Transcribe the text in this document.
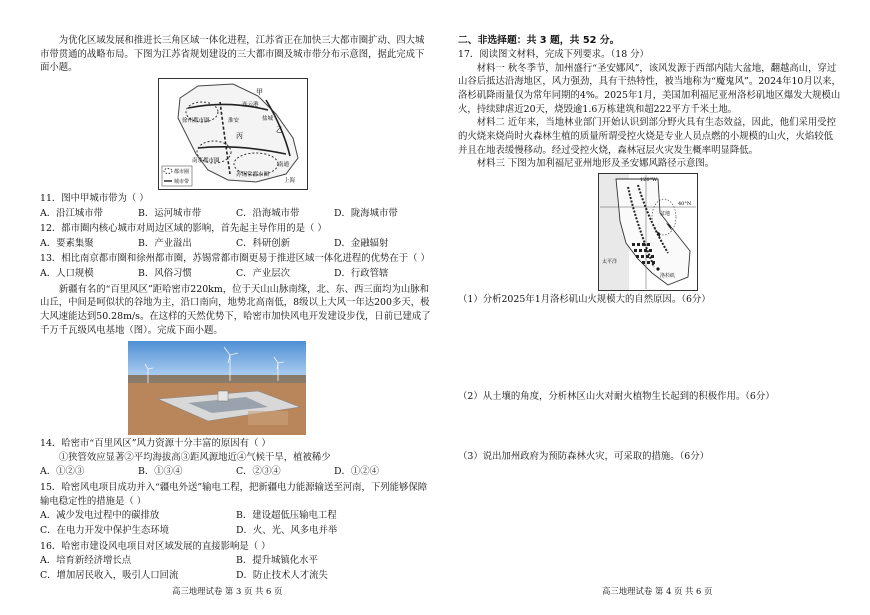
为优化区域发展和推进长三角区域一体化进程，江苏省正在加快三大都市圈扩动、四大城市带贯通的战略布局。下图为江苏省规划建设的三大都市圈及城市带分布示意图，据此完成下面小题。

甲
乙
丙
徐州都市圈
南京都市圈
苏锡常都市圈
连云港
淮安	盐城
南通
上海
都市圈
城市带

11．图中甲城市带为（ ）

A．沿江城市带	B．运河城市带	C．沿海城市带	D．陇海城市带

12．都市圈内核心城市对周边区域的影响，首先起主导作用的是（ ）

A．要素集聚	B．产业溢出	C．科研创新	D．金融辐射

13．相比南京都市圈和徐州都市圈，苏锡常都市圈更易于推进区域一体化进程的优势在于（ ）

A．人口规模	B．风俗习惯	C．产业层次	D．行政管辖

新疆有名的“百里风区”距哈密市220km，位于天山山脉南缘，北、东、西三面均为山脉和山丘，中间是呵似状的谷地为主，沿口南向，地势北高南低，8级以上大风一年达200多天，极大风速能达到50.28m/s。在这样的天然优势下，哈密市加快风电开发建设步伐，日前已建成了千万千瓦级风电基地（图）。完成下面小题。

14．哈密市“百里风区”风力资源十分丰富的原因有（ ）

①狭管效应显著②平均海拔高③距风源地近④气候干旱，植被稀少

A．①②③	B．①③④	C．②③④	D．①②④

15．哈密风电项目成功并入“疆电外送”输电工程，把新疆电力能源输送至河南，下列能够保障输电稳定性的措施是（ ）

A．减少发电过程中的碳排放	B．建设超低压输电工程
C．在电力开发中保护生态环境	D．火、光、风多电并举

16．哈密市建设风电项目对区域发展的直接影响是（ ）

A．培育新经济增长点	B．提升城镇化水平
C．增加居民收入，吸引人口回流	D．防止技术人才流失
高三地理试卷 第 3 页 共 6 页

二、非选择题：共 3 题，共 52 分。

17．阅读图文材料，完成下列要求。（18 分）

材料一 秋冬季节，加州盛行“圣安娜风”，该风发源于西部内陆大盆地，翻越高山，穿过山谷后抵达沿海地区，风力强劲，具有干热特性，被当地称为“魔鬼风”。2024年10月以来，洛杉矶降雨量仅为常年同期的4%。2025年1月，美国加利福尼亚州洛杉矶地区爆发大规模山火，持续肆虐近20天，烧毁逾1.6万栋建筑和超222平方千米土地。

材料二 近年来，当地林业部门开始认识到部分野火具有生态效益，因此，他们采用受控的火烧来烧尚时火森林生植的质量所谓受控火烧是专业人员点燃的小规模的山火，火焰较低并且在地表缓慢移动。经过受控火烧，森林冠层火灾发生概率明显降低。

材料三 下图为加利福尼亚州地形及圣安娜风路径示意图。

120°W
40°N
太平洋
洛杉矶
盆地

（1）分析2025年1月洛杉矶山火规模大的自然原因。（6分）

（2）从土壤的角度，分析林区山火对耐火植物生长起到的积极作用。（6分）

（3）说出加州政府为预防森林火灾，可采取的措施。（6分）

高三地理试卷 第 4 页 共 6 页
